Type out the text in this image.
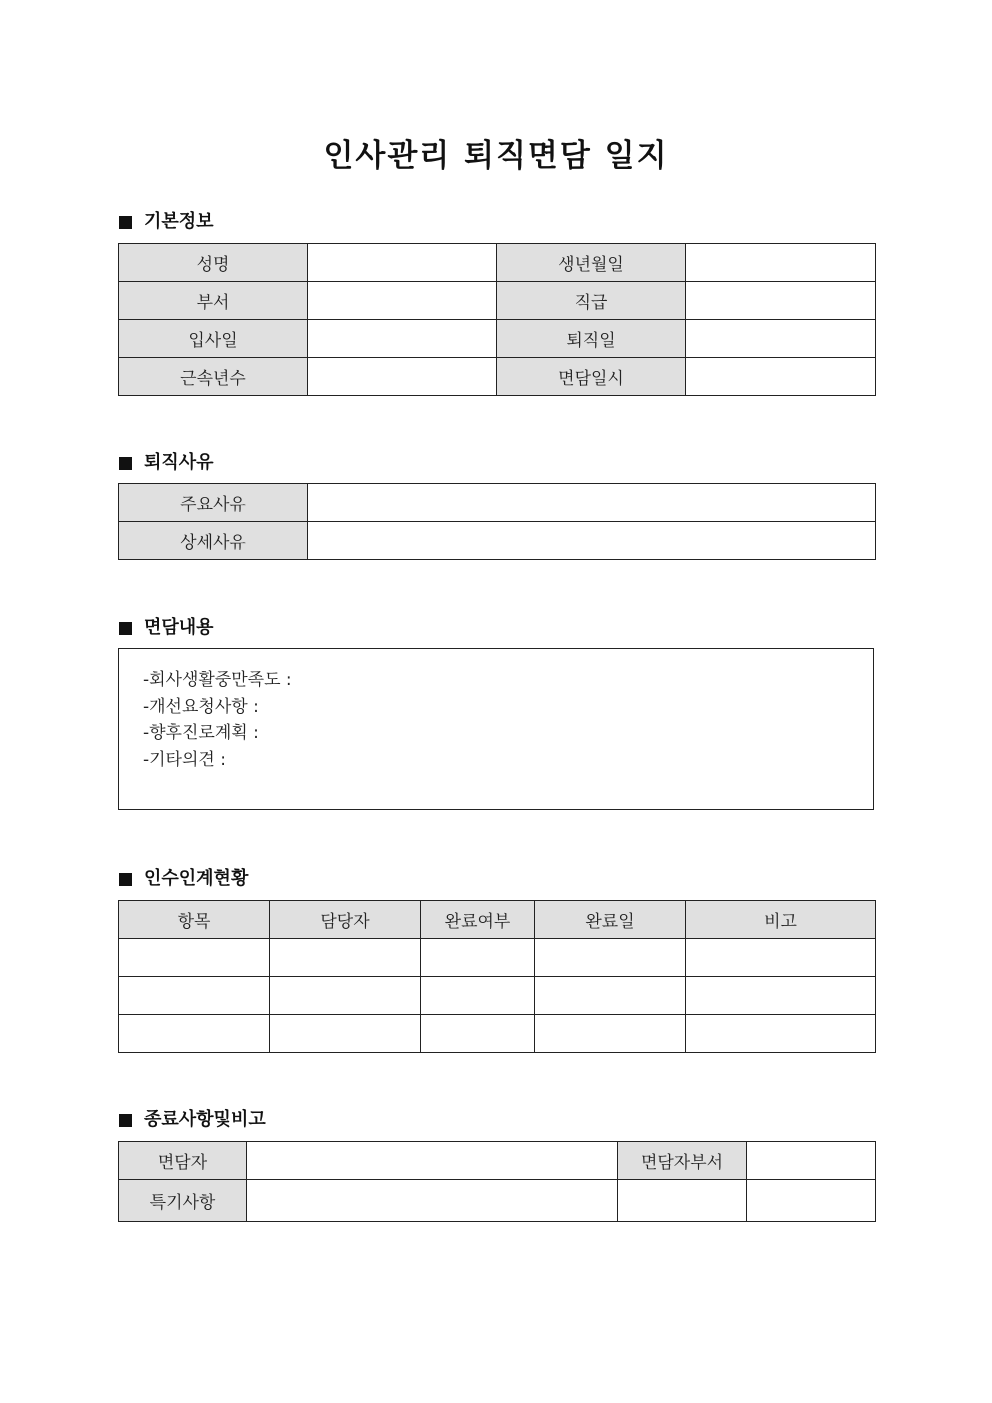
인사관리 퇴직면담 일지
기본정보
성명		생년월일	
부서		직급	
입사일		퇴직일	
근속년수		면담일시	
퇴직사유
주요사유	
상세사유	
면담내용
-회사생활중만족도 :
-개선요청사항 :
-향후진로계획 :
-기타의견 :
인수인계현황
항목	담당자	완료여부	완료일	비고

종료사항및비고
면담자		면담자부서	
특기사항			
